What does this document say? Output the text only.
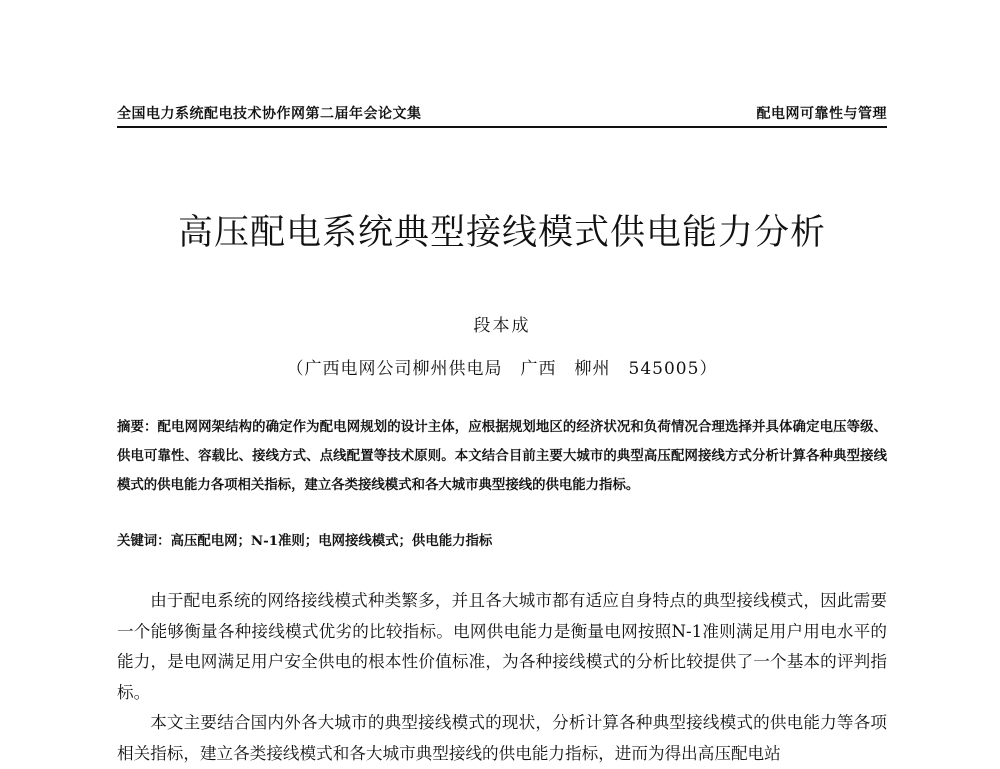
全国电力系统配电技术协作网第二届年会论文集	配电网可靠性与管理
高压配电系统典型接线模式供电能力分析
段本成
（广西电网公司柳州供电局　广西　柳州　545005）
摘要：配电网网架结构的确定作为配电网规划的设计主体，应根据规划地区的经济状况和负荷情况合理选择并具体确定电压等级、供电可靠性、容载比、接线方式、点线配置等技术原则。本文结合目前主要大城市的典型高压配网接线方式分析计算各种典型接线模式的供电能力各项相关指标，建立各类接线模式和各大城市典型接线的供电能力指标。
关键词：高压配电网；N-1准则；电网接线模式；供电能力指标

由于配电系统的网络接线模式种类繁多，并且各大城市都有适应自身特点的典型接线模式，因此需要一个能够衡量各种接线模式优劣的比较指标。电网供电能力是衡量电网按照N-1准则满足用户用电水平的能力，是电网满足用户安全供电的根本性价值标准，为各种接线模式的分析比较提供了一个基本的评判指标。

本文主要结合国内外各大城市的典型接线模式的现状，分析计算各种典型接线模式的供电能力等各项相关指标，建立各类接线模式和各大城市典型接线的供电能力指标，进而为得出高压配电站
